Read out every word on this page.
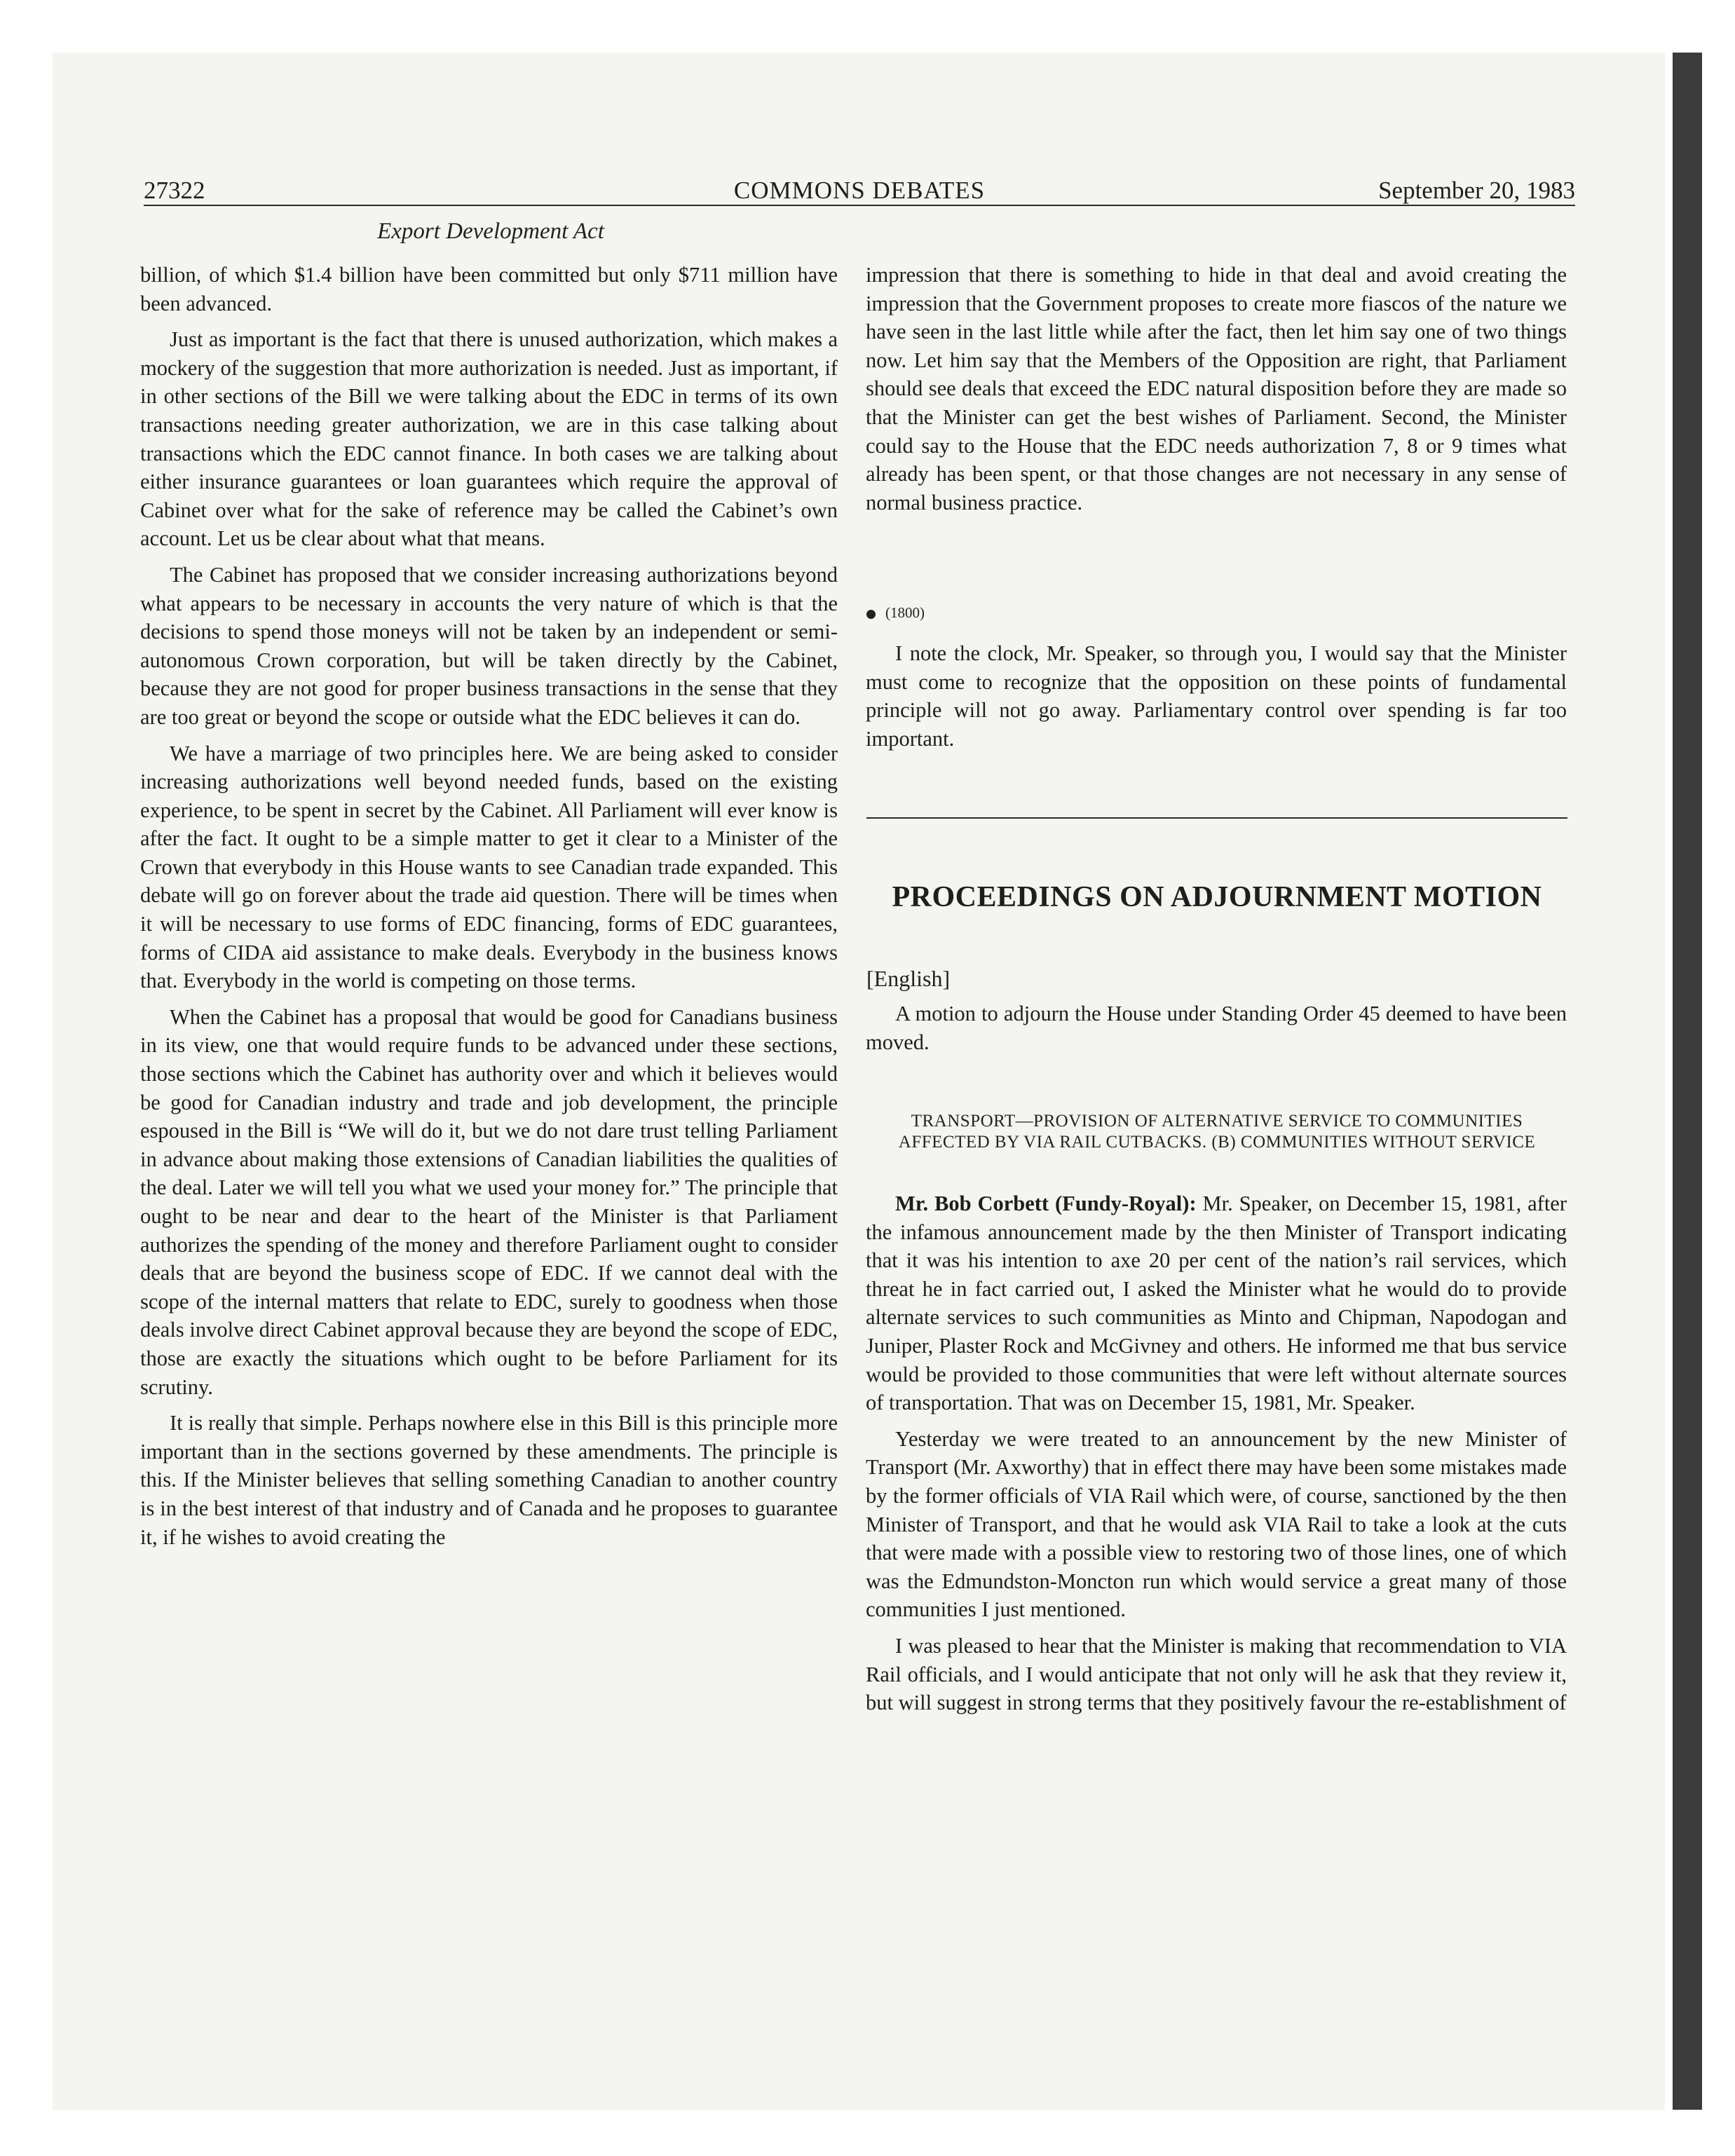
27322	COMMONS DEBATES	September 20, 1983
Export Development Act

billion, of which $1.4 billion have been committed but only $711 million have been advanced.

Just as important is the fact that there is unused authorization, which makes a mockery of the suggestion that more authorization is needed. Just as important, if in other sections of the Bill we were talking about the EDC in terms of its own transactions needing greater authorization, we are in this case talking about transactions which the EDC cannot finance. In both cases we are talking about either insurance guarantees or loan guarantees which require the approval of Cabinet over what for the sake of reference may be called the Cabinet’s own account. Let us be clear about what that means.

The Cabinet has proposed that we consider increasing authorizations beyond what appears to be necessary in accounts the very nature of which is that the decisions to spend those moneys will not be taken by an independent or semi-autonomous Crown corporation, but will be taken directly by the Cabinet, because they are not good for proper business transactions in the sense that they are too great or beyond the scope or outside what the EDC believes it can do.

We have a marriage of two principles here. We are being asked to consider increasing authorizations well beyond needed funds, based on the existing experience, to be spent in secret by the Cabinet. All Parliament will ever know is after the fact. It ought to be a simple matter to get it clear to a Minister of the Crown that everybody in this House wants to see Canadian trade expanded. This debate will go on forever about the trade aid question. There will be times when it will be necessary to use forms of EDC financing, forms of EDC guarantees, forms of CIDA aid assistance to make deals. Everybody in the business knows that. Everybody in the world is competing on those terms.

When the Cabinet has a proposal that would be good for Canadians business in its view, one that would require funds to be advanced under these sections, those sections which the Cabinet has authority over and which it believes would be good for Canadian industry and trade and job development, the principle espoused in the Bill is “We will do it, but we do not dare trust telling Parliament in advance about making those extensions of Canadian liabilities the qualities of the deal. Later we will tell you what we used your money for.” The principle that ought to be near and dear to the heart of the Minister is that Parliament authorizes the spending of the money and therefore Parliament ought to consider deals that are beyond the business scope of EDC. If we cannot deal with the scope of the internal matters that relate to EDC, surely to goodness when those deals involve direct Cabinet approval because they are beyond the scope of EDC, those are exactly the situations which ought to be before Parliament for its scrutiny.

It is really that simple. Perhaps nowhere else in this Bill is this principle more important than in the sections governed by these amendments. The principle is this. If the Minister believes that selling something Canadian to another country is in the best interest of that industry and of Canada and he proposes to guarantee it, if he wishes to avoid creating the

impression that there is something to hide in that deal and avoid creating the impression that the Government proposes to create more fiascos of the nature we have seen in the last little while after the fact, then let him say one of two things now. Let him say that the Members of the Opposition are right, that Parliament should see deals that exceed the EDC natural disposition before they are made so that the Minister can get the best wishes of Parliament. Second, the Minister could say to the House that the EDC needs authorization 7, 8 or 9 times what already has been spent, or that those changes are not necessary in any sense of normal business practice.

(1800)

I note the clock, Mr. Speaker, so through you, I would say that the Minister must come to recognize that the opposition on these points of fundamental principle will not go away. Parliamentary control over spending is far too important.

PROCEEDINGS ON ADJOURNMENT MOTION
[English]

A motion to adjourn the House under Standing Order 45 deemed to have been moved.

TRANSPORT—PROVISION OF ALTERNATIVE SERVICE TO COMMUNITIES AFFECTED BY VIA RAIL CUTBACKS. (B) COMMUNITIES WITHOUT SERVICE

Mr. Bob Corbett (Fundy-Royal): Mr. Speaker, on December 15, 1981, after the infamous announcement made by the then Minister of Transport indicating that it was his intention to axe 20 per cent of the nation’s rail services, which threat he in fact carried out, I asked the Minister what he would do to provide alternate services to such communities as Minto and Chipman, Napodogan and Juniper, Plaster Rock and McGivney and others. He informed me that bus service would be provided to those communities that were left without alternate sources of transportation. That was on December 15, 1981, Mr. Speaker.

Yesterday we were treated to an announcement by the new Minister of Transport (Mr. Axworthy) that in effect there may have been some mistakes made by the former officials of VIA Rail which were, of course, sanctioned by the then Minister of Transport, and that he would ask VIA Rail to take a look at the cuts that were made with a possible view to restoring two of those lines, one of which was the Edmundston-Moncton run which would service a great many of those communities I just mentioned.

I was pleased to hear that the Minister is making that recommendation to VIA Rail officials, and I would anticipate that not only will he ask that they review it, but will suggest in strong terms that they positively favour the re-establishment of
